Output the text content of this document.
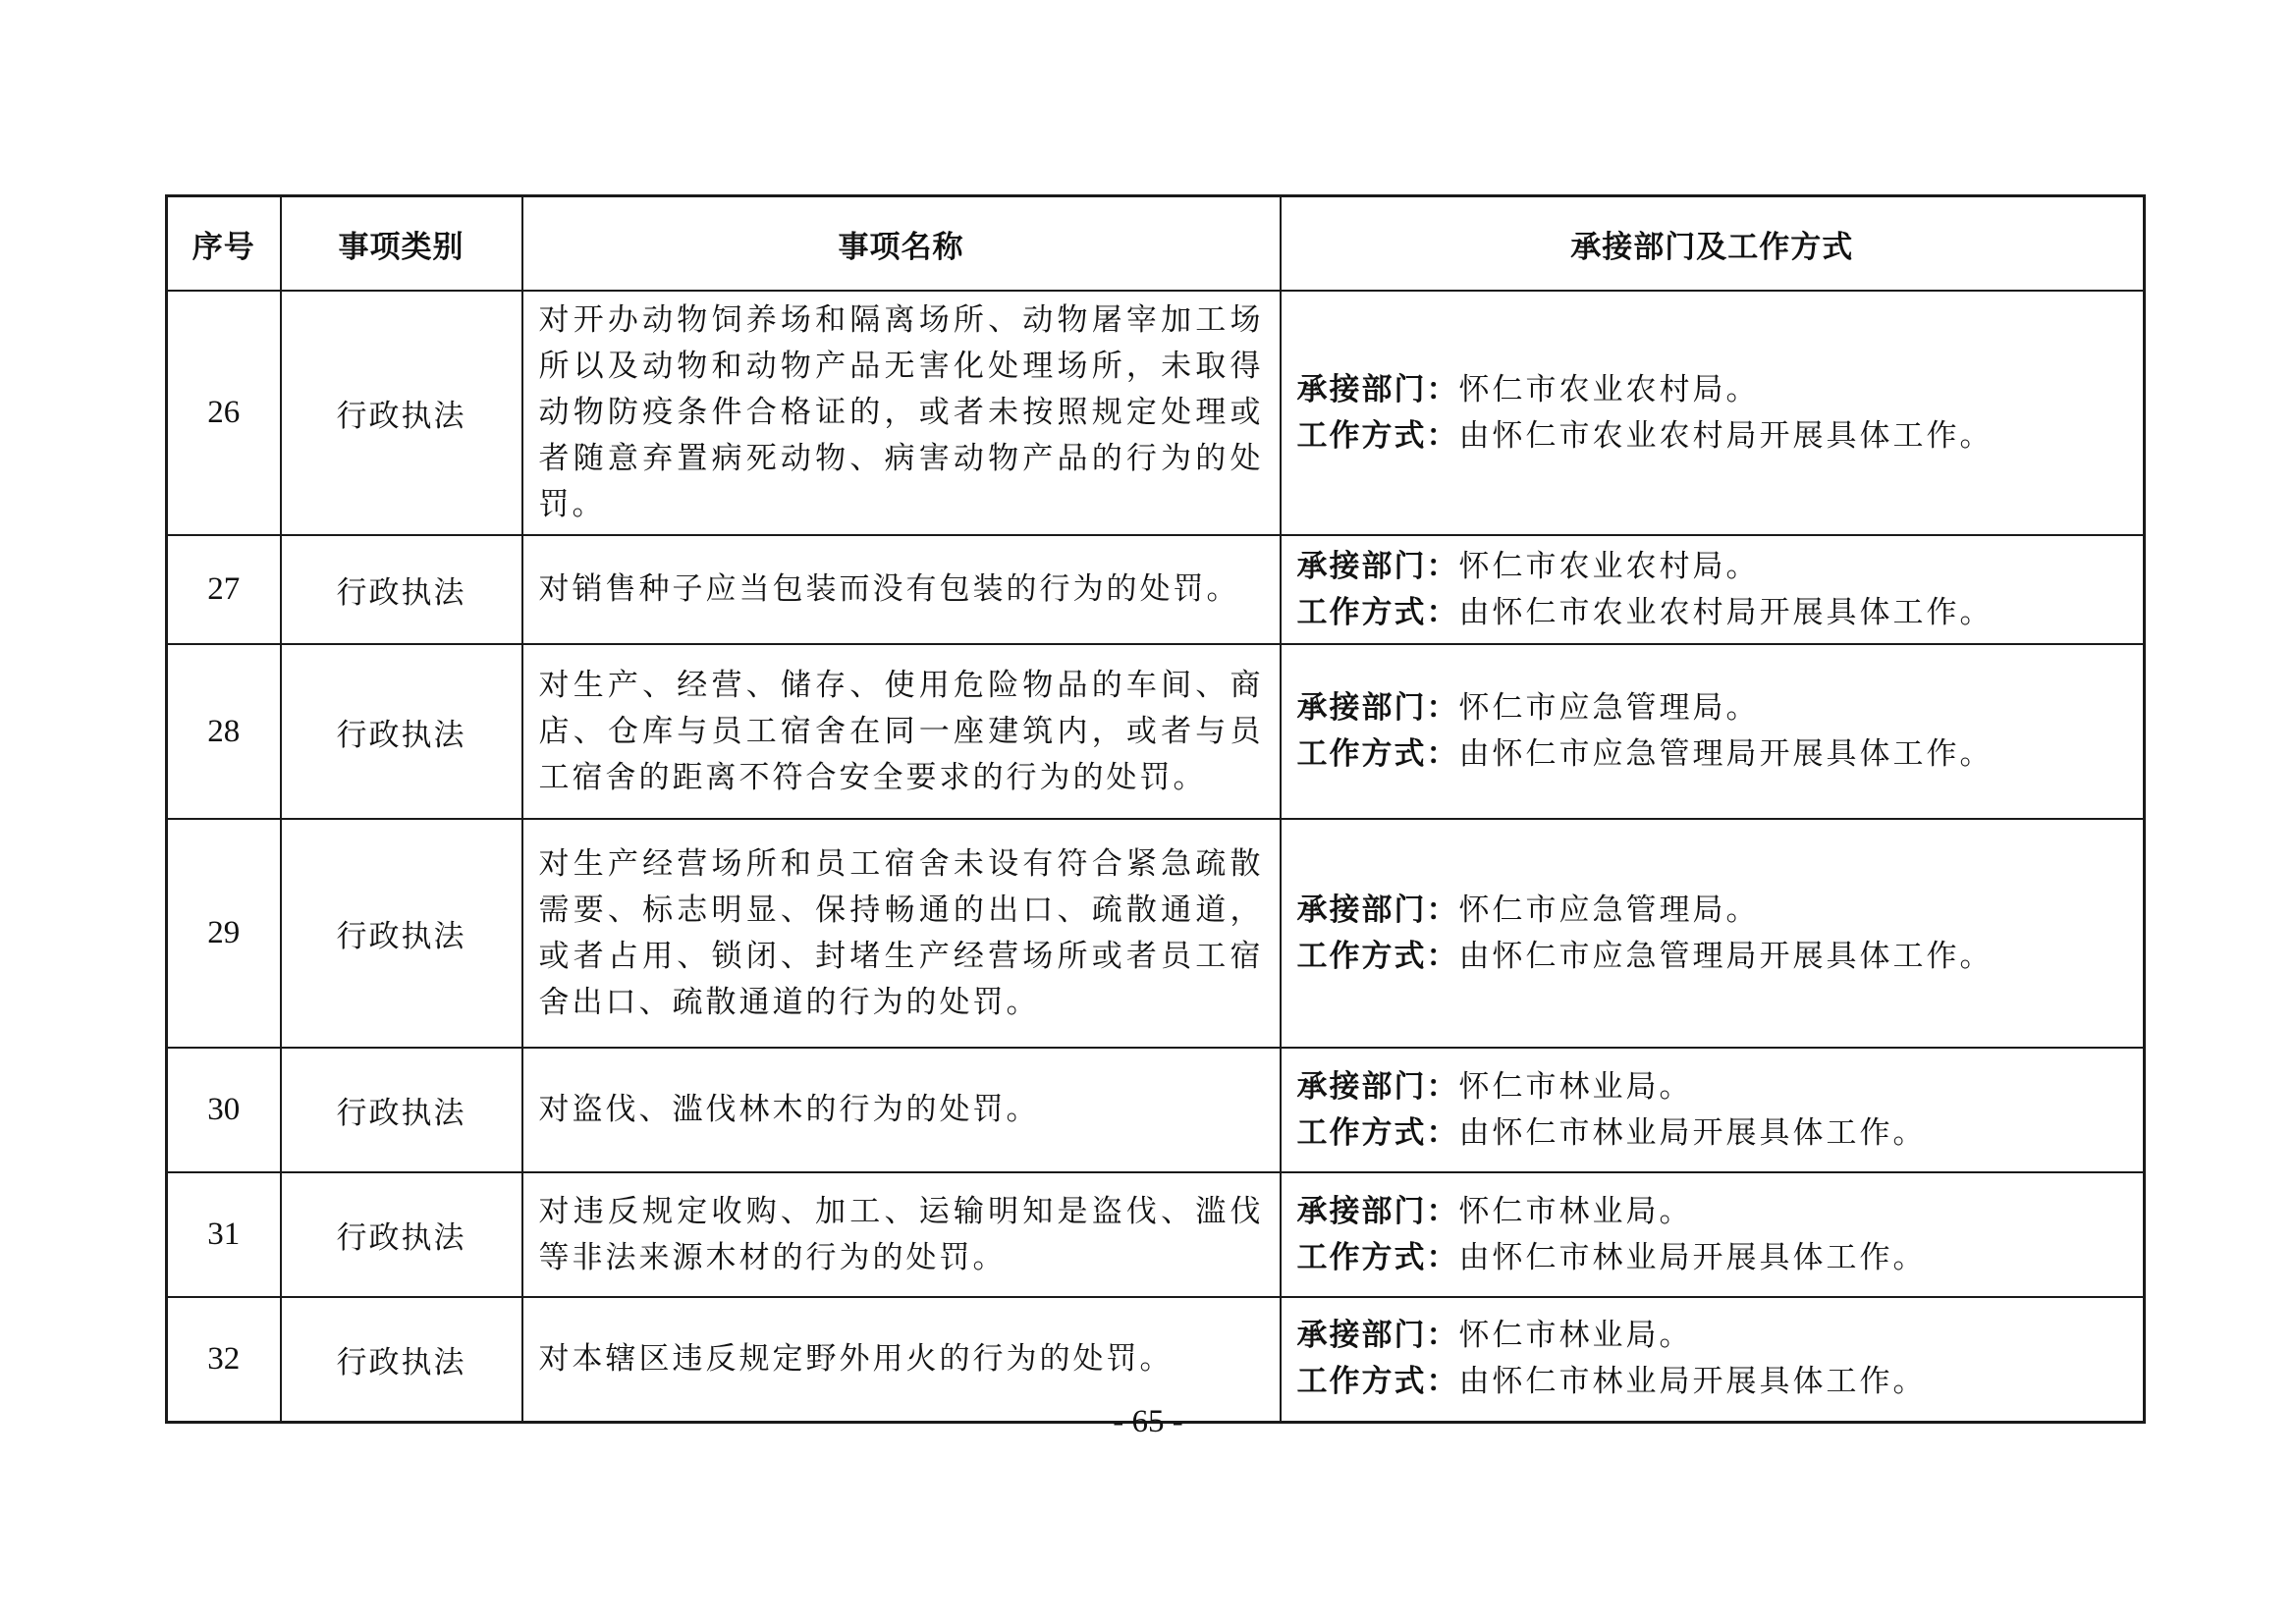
序号	事项类别	事项名称	承接部门及工作方式
26	行政执法	对开办动物饲养场和隔离场所、动物屠宰加工场所以及动物和动物产品无害化处理场所，未取得动物防疫条件合格证的，或者未按照规定处理或者随意弃置病死动物、病害动物产品的行为的处罚。	承接部门：怀仁市农业农村局。
工作方式：由怀仁市农业农村局开展具体工作。

27	行政执法	对销售种子应当包装而没有包装的行为的处罚。	承接部门：怀仁市农业农村局。
工作方式：由怀仁市农业农村局开展具体工作。

28	行政执法	对生产、经营、储存、使用危险物品的车间、商店、仓库与员工宿舍在同一座建筑内，或者与员工宿舍的距离不符合安全要求的行为的处罚。	承接部门：怀仁市应急管理局。
工作方式：由怀仁市应急管理局开展具体工作。

29	行政执法	对生产经营场所和员工宿舍未设有符合紧急疏散需要、标志明显、保持畅通的出口、疏散通道，或者占用、锁闭、封堵生产经营场所或者员工宿舍出口、疏散通道的行为的处罚。	承接部门：怀仁市应急管理局。
工作方式：由怀仁市应急管理局开展具体工作。

30	行政执法	对盗伐、滥伐林木的行为的处罚。	承接部门：怀仁市林业局。
工作方式：由怀仁市林业局开展具体工作。

31	行政执法	对违反规定收购、加工、运输明知是盗伐、滥伐等非法来源木材的行为的处罚。	承接部门：怀仁市林业局。
工作方式：由怀仁市林业局开展具体工作。

32	行政执法	对本辖区违反规定野外用火的行为的处罚。	承接部门：怀仁市林业局。
工作方式：由怀仁市林业局开展具体工作。
- 65 -
